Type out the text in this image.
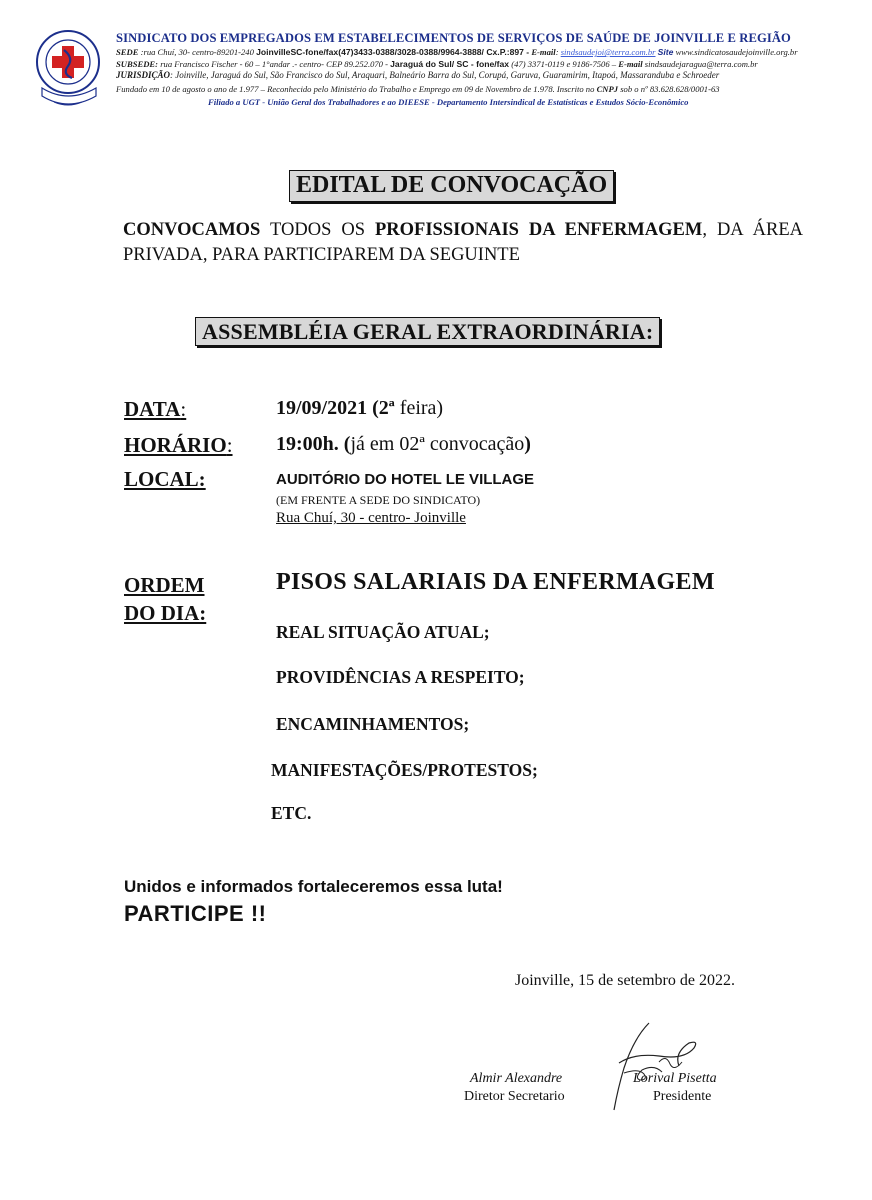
SINDICATO DOS EMPREGADOS EM ESTABELECIMENTOS DE SERVIÇOS DE SAÚDE DE JOINVILLE E REGIÃO
SEDE :rua Chuí, 30- centro-89201-240 JoinvilleSC-fone/fax(47)3433-0388/3028-0388/9964-3888/ Cx.P.:897 - E-mail: sindsaudejoi@terra.com.br Site www.sindicatosaudejoinville.org.br
SUBSEDE: rua Francisco Fischer - 60 – 1°andar .- centro- CEP 89.252.070 - Jaraguá do Sul/ SC - fone/fax (47) 3371-0119 e 9186-7506 – E-mail sindsaudejaragua@terra.com.br
JURISDIÇÃO: Joinville, Jaraguá do Sul, São Francisco do Sul, Araquari, Balneário Barra do Sul, Corupá, Garuva, Guaramirim, Itapoá, Massaranduba e Schroeder
Fundado em 10 de agosto o ano de 1.977 – Reconhecido pelo Ministério do Trabalho e Emprego em 09 de Novembro de 1.978. Inscrito no CNPJ sob o nº 83.628.628/0001-63
Filiado a UGT - União Geral dos Trabalhadores e ao DIEESE - Departamento Intersindical de Estatísticas e Estudos Sócio-Econômico
EDITAL DE CONVOCAÇÃO
CONVOCAMOS TODOS OS PROFISSIONAIS DA ENFERMAGEM, DA ÁREA PRIVADA, PARA PARTICIPAREM DA SEGUINTE
ASSEMBLÉIA GERAL EXTRAORDINÁRIA:
DATA:	19/09/2021 (2ª feira)
HORÁRIO: 19:00h. (já em 02ª convocação)
LOCAL:	AUDITÓRIO DO HOTEL LE VILLAGE
(EM FRENTE A SEDE DO SINDICATO)
Rua Chuí, 30 - centro- Joinville
ORDEM
DO DIA:
PISOS SALARIAIS DA ENFERMAGEM
REAL SITUAÇÃO ATUAL;
PROVIDÊNCIAS A RESPEITO;
ENCAMINHAMENTOS;
MANIFESTAÇÕES/PROTESTOS;
ETC.
Unidos e informados fortaleceremos essa luta!
PARTICIPE !!
Joinville, 15 de setembro de 2022.
Almir Alexandre
Diretor Secretario
Lorival Pisetta
Presidente
